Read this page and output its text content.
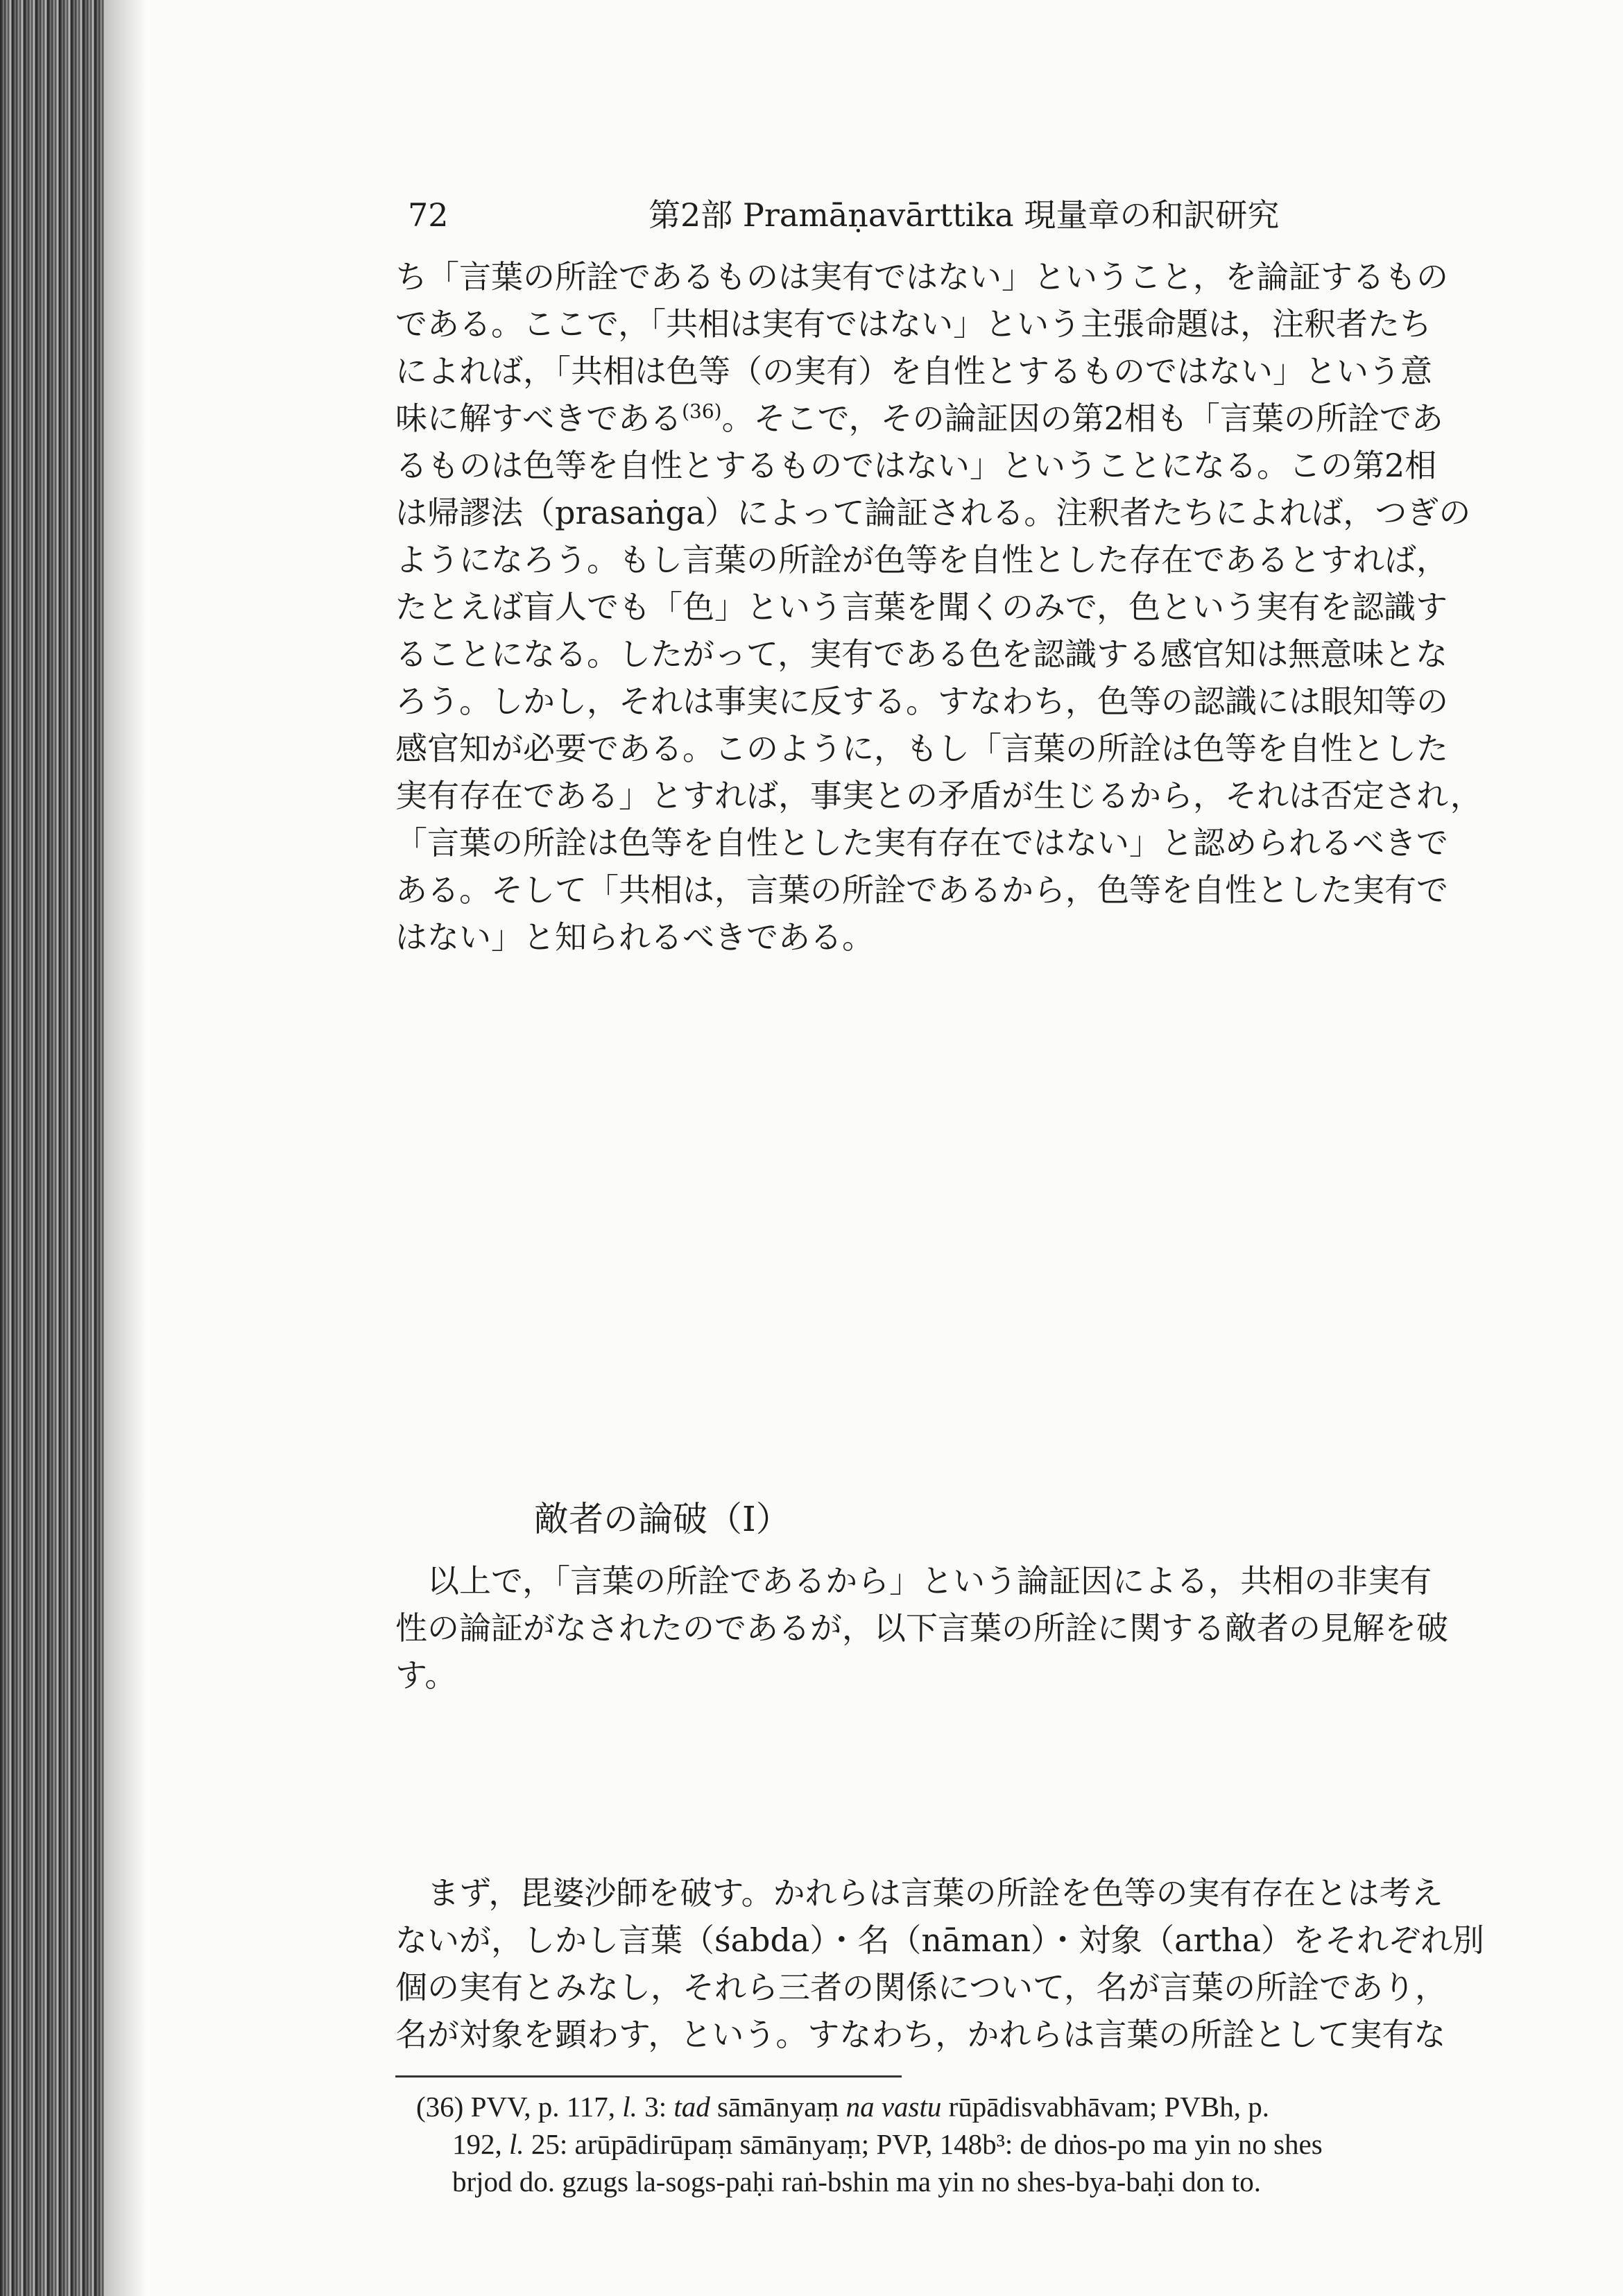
72	第2部 Pramāṇavārttika 現量章の和訳研究
ち「言葉の所詮であるものは実有ではない」ということ，を論証するもの
である。ここで，「共相は実有ではない」という主張命題は，注釈者たち
によれば，「共相は色等（の実有）を自性とするものではない」という意
味に解すべきである$^{(36)}$。そこで，その論証因の第2相も「言葉の所詮であ
るものは色等を自性とするものではない」ということになる。この第2相
は帰謬法（prasaṅga）によって論証される。注釈者たちによれば，つぎの
ようになろう。もし言葉の所詮が色等を自性とした存在であるとすれば，
たとえば盲人でも「色」という言葉を聞くのみで，色という実有を認識す
ることになる。したがって，実有である色を認識する感官知は無意味とな
ろう。しかし，それは事実に反する。すなわち，色等の認識には眼知等の
感官知が必要である。このように，もし「言葉の所詮は色等を自性とした
実有存在である」とすれば，事実との矛盾が生じるから，それは否定され，
「言葉の所詮は色等を自性とした実有存在ではない」と認められるべきで
ある。そして「共相は，言葉の所詮であるから，色等を自性とした実有で
はない」と知られるべきである。
以上で，「言葉の所詮であるから」という論証因による，共相の非実有
性の論証がなされたのであるが，以下言葉の所詮に関する敵者の見解を破
す。
敵者の論破（I）
まず，毘婆沙師を破す。かれらは言葉の所詮を色等の実有存在とは考え
ないが，しかし言葉（śabda）・名（nāman）・対象（artha）をそれぞれ別
個の実有とみなし，それら三者の関係について，名が言葉の所詮であり，
名が対象を顕わす，という。すなわち，かれらは言葉の所詮として実有な
(36) PVV, p. 117, l. 3: tad sāmānyaṃ na vastu rūpādisvabhāvam; PVBh, p.
192, l. 25: arūpādirūpaṃ sāmānyaṃ; PVP, 148b³: de dṅos-po ma yin no shes
brjod do. gzugs la-sogs-paḥi raṅ-bshin ma yin no shes-bya-baḥi don to.
